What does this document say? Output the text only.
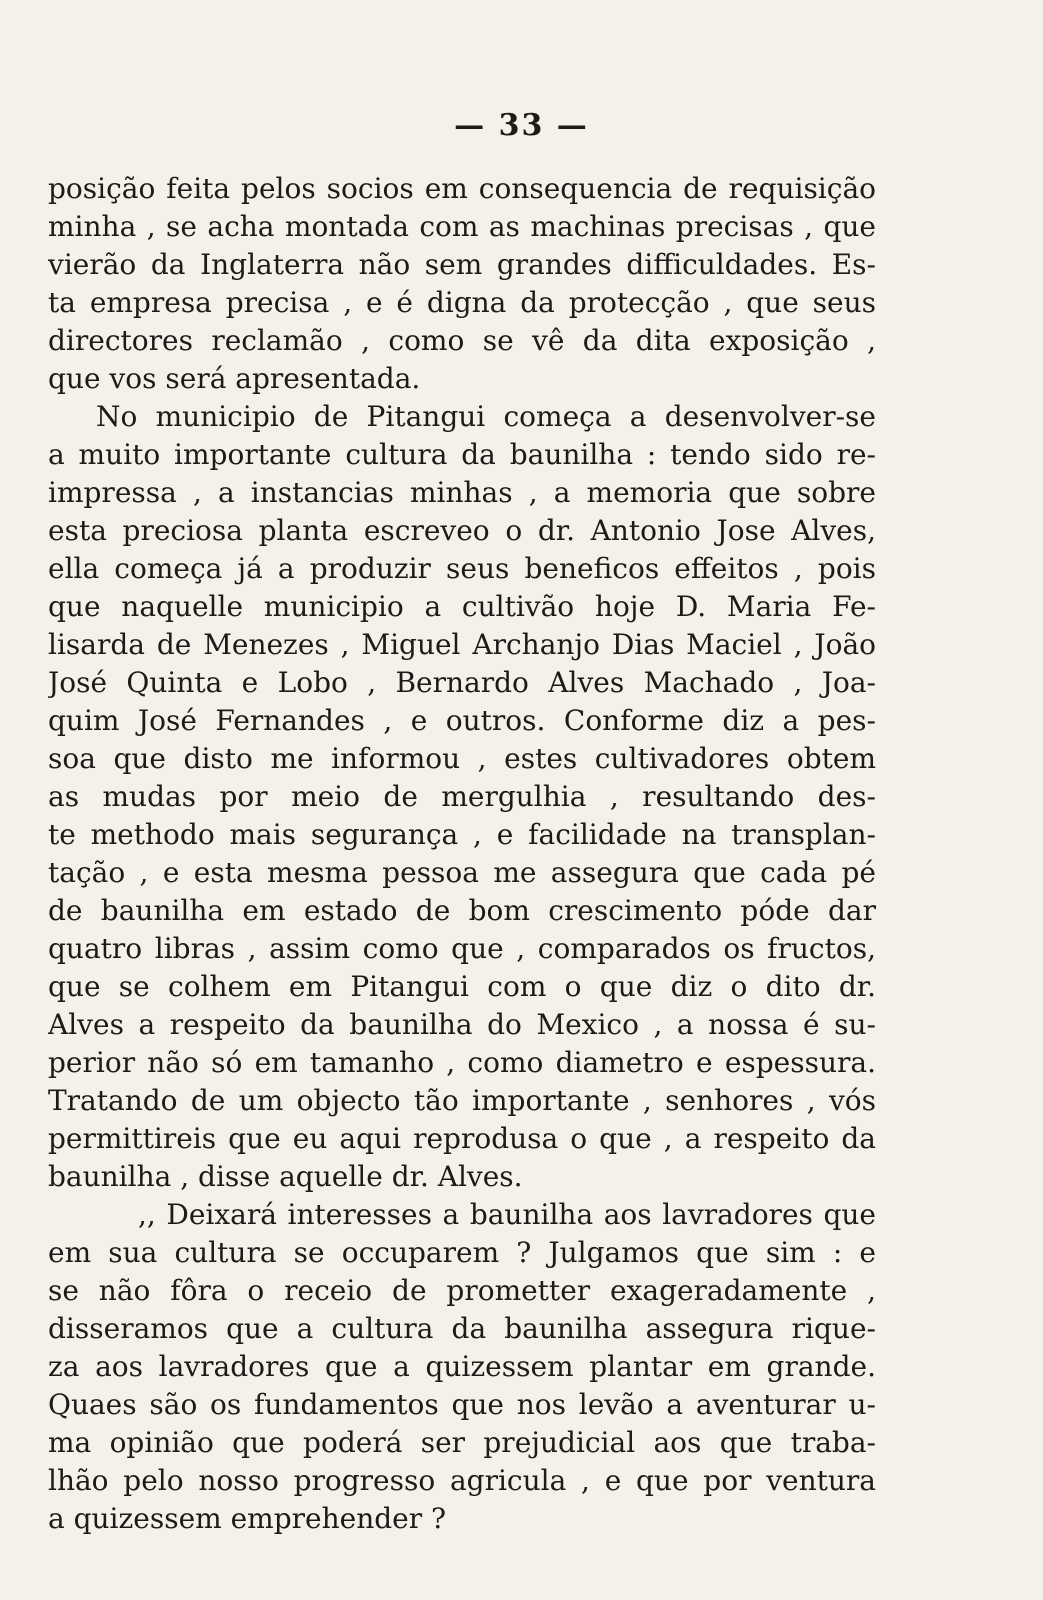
— 33 —
posição feita pelos socios em consequencia de requisição
minha , se acha montada com as machinas precisas , que
vierão da Inglaterra não sem grandes difficuldades. Es-
ta empresa precisa , e é digna da protecção , que seus
directores reclamão , como se vê da dita exposição ,
que vos será apresentada.
No municipio de Pitangui começa a desenvolver-se
a muito importante cultura da baunilha : tendo sido re-
impressa , a instancias minhas , a memoria que sobre
esta preciosa planta escreveo o dr. Antonio Jose Alves,
ella começa já a produzir seus beneficos effeitos , pois
que naquelle municipio a cultivão hoje D. Maria Fe-
lisarda de Menezes , Miguel Archanjo Dias Maciel , João
José Quinta e Lobo , Bernardo Alves Machado , Joa-
quim José Fernandes , e outros. Conforme diz a pes-
soa que disto me informou , estes cultivadores obtem
as mudas por meio de mergulhia , resultando des-
te methodo mais segurança , e facilidade na transplan-
tação , e esta mesma pessoa me assegura que cada pé
de baunilha em estado de bom crescimento póde dar
quatro libras , assim como que , comparados os fructos,
que se colhem em Pitangui com o que diz o dito dr.
Alves a respeito da baunilha do Mexico , a nossa é su-
perior não só em tamanho , como diametro e espessura.
Tratando de um objecto tão importante , senhores , vós
permittireis que eu aqui reprodusa o que , a respeito da
baunilha , disse aquelle dr. Alves.
,, Deixará interesses a baunilha aos lavradores que
em sua cultura se occuparem ? Julgamos que sim : e
se não fôra o receio de prometter exageradamente ,
disseramos que a cultura da baunilha assegura rique-
za aos lavradores que a quizessem plantar em grande.
Quaes são os fundamentos que nos levão a aventurar u-
ma opinião que poderá ser prejudicial aos que traba-
lhão pelo nosso progresso agricula , e que por ventura
a quizessem emprehender ?
